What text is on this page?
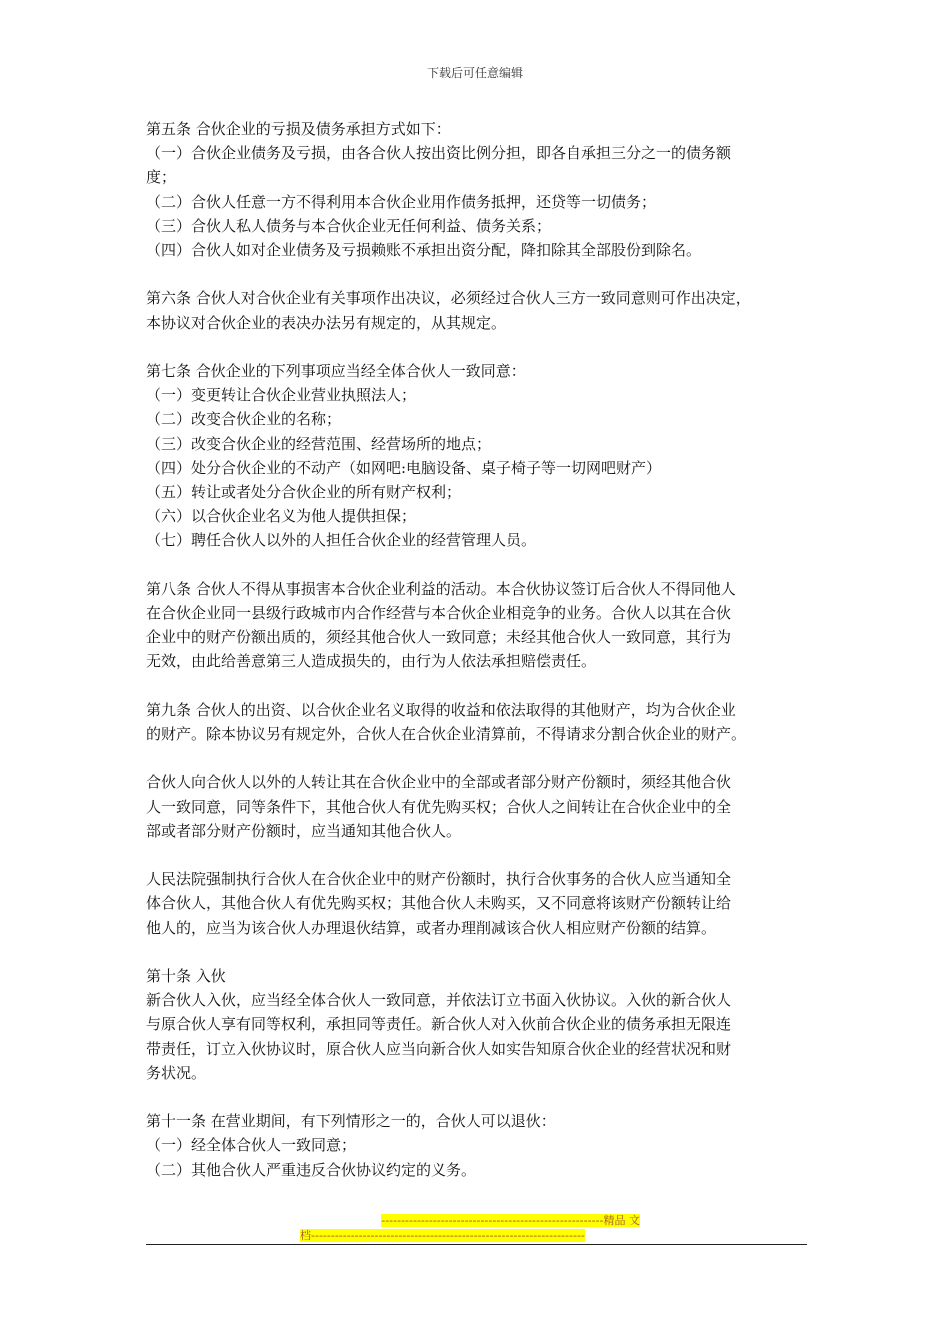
下载后可任意编辑
第五条 合伙企业的亏损及债务承担方式如下：
（一）合伙企业债务及亏损，由各合伙人按出资比例分担，即各自承担三分之一的债务额
度；
（二）合伙人任意一方不得利用本合伙企业用作债务抵押，还贷等一切债务；
（三）合伙人私人债务与本合伙企业无任何利益、债务关系；
（四）合伙人如对企业债务及亏损赖账不承担出资分配，降扣除其全部股份到除名。
第六条 合伙人对合伙企业有关事项作出决议，必须经过合伙人三方一致同意则可作出决定，
本协议对合伙企业的表决办法另有规定的，从其规定。
第七条 合伙企业的下列事项应当经全体合伙人一致同意：
（一）变更转让合伙企业营业执照法人；
（二）改变合伙企业的名称；
（三）改变合伙企业的经营范围、经营场所的地点；
（四）处分合伙企业的不动产（如网吧:电脑设备、桌子椅子等一切网吧财产）
（五）转让或者处分合伙企业的所有财产权利；
（六）以合伙企业名义为他人提供担保；
（七）聘任合伙人以外的人担任合伙企业的经营管理人员。
第八条 合伙人不得从事损害本合伙企业利益的活动。本合伙协议签订后合伙人不得同他人
在合伙企业同一县级行政城市内合作经营与本合伙企业相竞争的业务。合伙人以其在合伙
企业中的财产份额出质的，须经其他合伙人一致同意；未经其他合伙人一致同意，其行为
无效，由此给善意第三人造成损失的，由行为人依法承担赔偿责任。
第九条 合伙人的出资、以合伙企业名义取得的收益和依法取得的其他财产，均为合伙企业
的财产。除本协议另有规定外，合伙人在合伙企业清算前，不得请求分割合伙企业的财产。
合伙人向合伙人以外的人转让其在合伙企业中的全部或者部分财产份额时，须经其他合伙
人一致同意，同等条件下，其他合伙人有优先购买权；合伙人之间转让在合伙企业中的全
部或者部分财产份额时，应当通知其他合伙人。
人民法院强制执行合伙人在合伙企业中的财产份额时，执行合伙事务的合伙人应当通知全
体合伙人，其他合伙人有优先购买权；其他合伙人未购买，又不同意将该财产份额转让给
他人的，应当为该合伙人办理退伙结算，或者办理削减该合伙人相应财产份额的结算。
第十条 入伙
新合伙人入伙，应当经全体合伙人一致同意，并依法订立书面入伙协议。入伙的新合伙人
与原合伙人享有同等权利，承担同等责任。新合伙人对入伙前合伙企业的债务承担无限连
带责任，订立入伙协议时，原合伙人应当向新合伙人如实告知原合伙企业的经营状况和财
务状况。
第十一条 在营业期间，有下列情形之一的，合伙人可以退伙：
（一）经全体合伙人一致同意；
（二）其他合伙人严重违反合伙协议约定的义务。
--------------------------------------------------------精品 文
档---------------------------------------------------------------------
